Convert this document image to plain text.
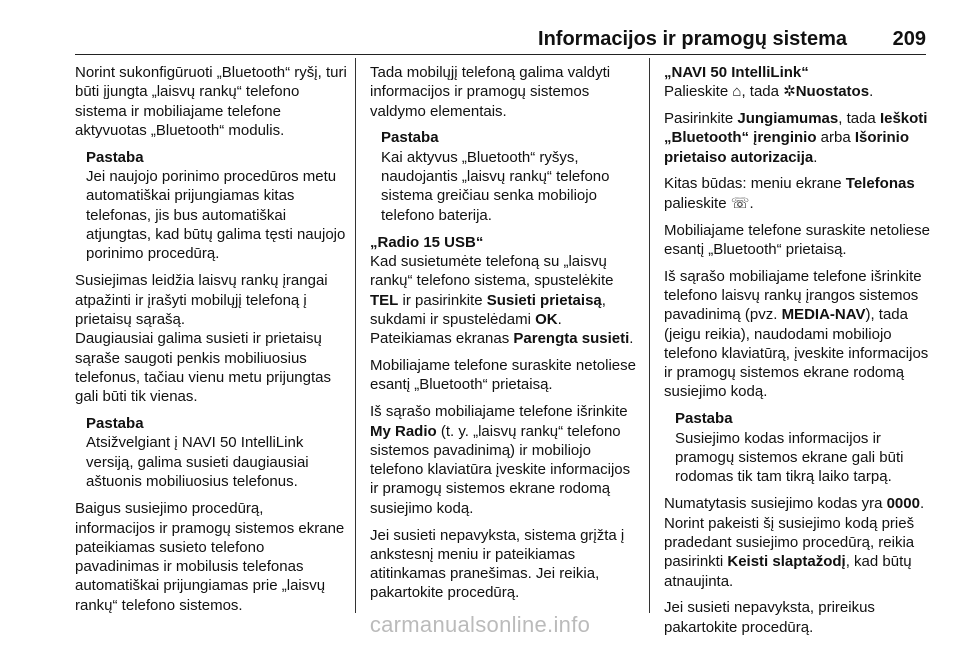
Informacijos ir pramogų sistema 209

Norint sukonfigūruoti „Bluetooth“ ryšį, turi būti įjungta „laisvų rankų“ telefono sistema ir mobiliajame telefone aktyvuotas „Bluetooth“ modulis.

Pastaba
Jei naujojo porinimo procedūros metu automatiškai prijungiamas kitas telefonas, jis bus automatiškai atjungtas, kad būtų galima tęsti naujojo porinimo procedūrą.

Susiejimas leidžia laisvų rankų įrangai atpažinti ir įrašyti mobilųjį telefoną į prietaisų sąrašą.

Daugiausiai galima susieti ir prietaisų sąraše saugoti penkis mobiliuosius telefonus, tačiau vienu metu prijungtas gali būti tik vienas.

Pastaba
Atsižvelgiant į NAVI 50 IntelliLink versiją, galima susieti daugiausiai aštuonis mobiliuosius telefonus.

Baigus susiejimo procedūrą, informacijos ir pramogų sistemos ekrane pateikiamas susieto telefono pavadinimas ir mobilusis telefonas automatiškai prijungiamas prie „laisvų rankų“ telefono sistemos.

Tada mobilųjį telefoną galima valdyti informacijos ir pramogų sistemos valdymo elementais.

Pastaba
Kai aktyvus „Bluetooth“ ryšys, naudojantis „laisvų rankų“ telefono sistema greičiau senka mobiliojo telefono baterija.

„Radio 15 USB“
Kad susietumėte telefoną su „laisvų rankų“ telefono sistema, spustelėkite TEL ir pasirinkite Susieti prietaisą, sukdami ir spustelėdami OK. Pateikiamas ekranas Parengta susieti.

Mobiliajame telefone suraskite netoliese esantį „Bluetooth“ prietaisą.

Iš sąrašo mobiliajame telefone išrinkite My Radio (t. y. „laisvų rankų“ telefono sistemos pavadinimą) ir mobiliojo telefono klaviatūra įveskite informacijos ir pramogų sistemos ekrane rodomą susiejimo kodą.

Jei susieti nepavyksta, sistema grįžta į ankstesnį meniu ir pateikiamas atitinkamas pranešimas. Jei reikia, pakartokite procedūrą.

„NAVI 50 IntelliLink“
Palieskite ⌂, tada ✲Nuostatos.

Pasirinkite Jungiamumas, tada Ieškoti „Bluetooth“ įrenginio arba Išorinio prietaiso autorizacija.

Kitas būdas: meniu ekrane Telefonas palieskite ☏.

Mobiliajame telefone suraskite netoliese esantį „Bluetooth“ prietaisą.

Iš sąrašo mobiliajame telefone išrinkite telefono laisvų rankų įrangos sistemos pavadinimą (pvz. MEDIA-NAV), tada (jeigu reikia), naudodami mobiliojo telefono klaviatūrą, įveskite informacijos ir pramogų sistemos ekrane rodomą susiejimo kodą.

Pastaba
Susiejimo kodas informacijos ir pramogų sistemos ekrane gali būti rodomas tik tam tikrą laiko tarpą.

Numatytasis susiejimo kodas yra 0000. Norint pakeisti šį susiejimo kodą prieš pradedant susiejimo procedūrą, reikia pasirinkti Keisti slaptažodį, kad būtų atnaujinta.

Jei susieti nepavyksta, prireikus pakartokite procedūrą.

carmanualsonline.info
